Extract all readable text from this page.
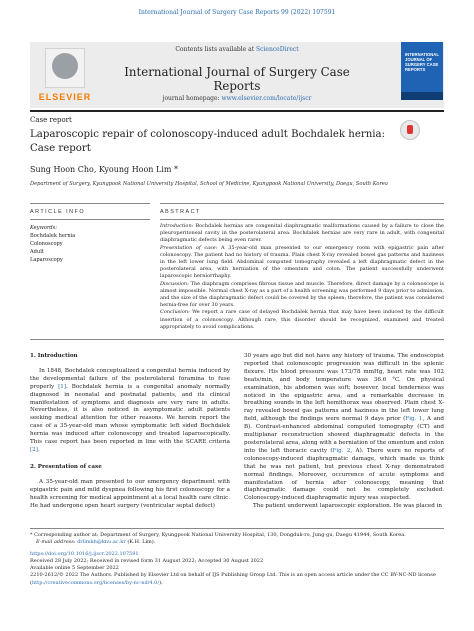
International Journal of Surgery Case Reports 99 (2022) 107591
ELSEVIER
Contents lists available at ScienceDirect
International Journal of Surgery Case Reports
journal homepage: www.elsevier.com/locate/ijscr
INTERNATIONAL JOURNAL OF SURGERY CASE REPORTS
Case report
Laparoscopic repair of colonoscopy-induced adult Bochdalek hernia: Case report
Sung Hoon Cho, Kyoung Hoon Lim *
Department of Surgery, Kyungpook National University Hospital, School of Medicine, Kyungpook National University, Daegu, South Korea
ARTICLE INFO	ABSTRACT
Keywords:
Bochdalek hernia
Colonoscopy
Adult
Laparoscopy

Introduction: Bochdalek hernias are congenital diaphragmatic malformations caused by a failure to close the pleuroperitoneal cavity in the posterolateral area. Bochdalek hernias are very rare in adult, with congenital diaphragmatic defects being even rarer.

Presentation of case: A 35-year-old man presented to our emergency room with epigastric pain after colonoscopy. The patient had no history of trauma. Plain chest X-ray revealed bowel gas patterns and haziness in the left lower lung field. Abdominal computed tomography revealed a left diaphragmatic defect in the posterolateral area, with herniation of the omentum and colon. The patient successfully underwent laparoscopic herniorrhaphy.

Discussion: The diaphragm comprises fibrous tissue and muscle. Therefore, direct damage by a colonoscope is almost impossible. Normal chest X-ray as a part of a health screening was performed 9 days prior to admission, and the size of the diaphragmatic defect could be covered by the spleen; therefore, the patient was considered hernia-free for over 30 years.

Conclusion: We report a rare case of delayed Bochdalek hernia that may have been induced by the difficult insertion of a colonoscopy. Although rare, this disorder should be recognized, examined and treated appropriately to avoid complications.

1. Introduction

In 1848, Bochdalek conceptualized a congenital hernia induced by the developmental failure of the posterolateral foramina to fuse properly [1]. Bochdalek hernia is a congenital anomaly normally diagnosed in neonatal and postnatal patients, and its clinical manifestation of symptoms and diagnosis are very rare in adults. Nevertheless, it is also noticed in asymptomatic adult patients seeking medical attention for other reasons. We herein report the case of a 35-year-old man whose symptomatic left sided Bochdalek hernia was induced after colonoscopy and treated laparoscopically. This case report has been reported in line with the SCARE criteria [2].

2. Presentation of case

A 35-year-old man presented to our emergency department with epigastric pain and mild dyspnea following his first colonoscopy for a health screening for medical appointment at a local health care clinic. He had undergone open heart surgery (ventricular septal defect)

30 years ago but did not have any history of trauma. The endoscopist reported that colonoscopic progression was difficult in the splenic flexure. His blood pressure was 173/78 mmHg, heart rate was 102 beats/min, and body temperature was 36.6 °C. On physical examination, his abdomen was soft; however, local tenderness was noticed in the epigastric area, and a remarkable decrease in breathing sounds in the left hemithorax was observed. Plain chest X-ray revealed bowel gas patterns and haziness in the left lower lung field, although the findings were normal 9 days prior (Fig. 1, A and B). Contrast-enhanced abdominal computed tomography (CT) and multiplanar reconstruction showed diaphragmatic defects in the posterolateral area, along with a herniation of the omentum and colon into the left thoracic cavity (Fig. 2, A). There were no reports of colonoscopy-induced diaphragmatic damage, which made us think that he was not patient, but previous chest X-ray demonstrated normal findings. Moreover, occurrence of acute symptoms and manifestation of hernia after colonoscopy, meaning that diaphragmatic damage could not be completely excluded. Colonoscopy-induced diaphragmatic injury was suspected.

The patient underwent laparoscopic exploration. He was placed in

* Corresponding author at: Department of Surgery, Kyungpook National University Hospital, 130, Dongduk-ro, Jung-gu, Daegu 41944, South Korea.
E-mail address: drlimkh@knu.ac.kr (K.H. Lim).
https://doi.org/10.1016/j.ijscr.2022.107591
Received 28 July 2022; Received in revised form 31 August 2022; Accepted 30 August 2022
Available online 5 September 2022
2210-2612/© 2022 The Authors. Published by Elsevier Ltd on behalf of IJS Publishing Group Ltd. This is an open access article under the CC BY-NC-ND license (http://creativecommons.org/licenses/by-nc-nd/4.0/).
